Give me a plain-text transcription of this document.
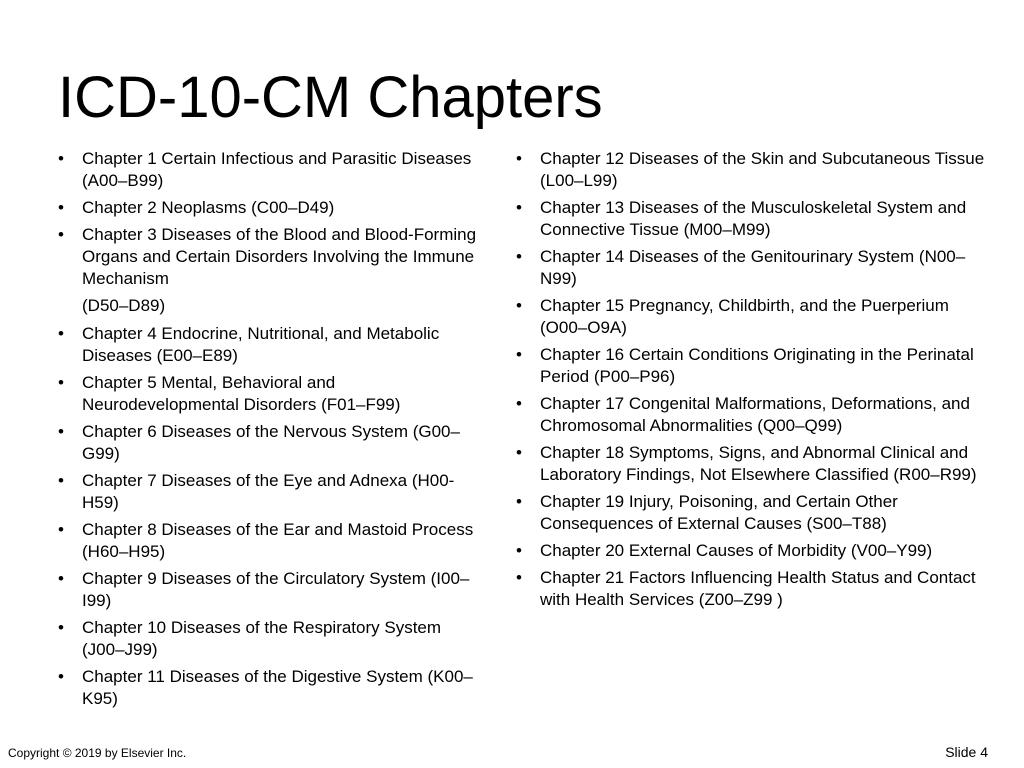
ICD-10-CM Chapters
• Chapter 1 Certain Infectious and Parasitic Diseases (A00–B99)
• Chapter 2 Neoplasms (C00–D49)
• Chapter 3 Diseases of the Blood and Blood-Forming Organs and Certain Disorders Involving the Immune Mechanism
(D50–D89)
• Chapter 4 Endocrine, Nutritional, and Metabolic Diseases (E00–E89)
• Chapter 5 Mental, Behavioral and Neurodevelopmental Disorders (F01–F99)
• Chapter 6 Diseases of the Nervous System (G00–G99)
• Chapter 7 Diseases of the Eye and Adnexa (H00-H59)
• Chapter 8 Diseases of the Ear and Mastoid Process (H60–H95)
• Chapter 9 Diseases of the Circulatory System (I00–I99)
• Chapter 10 Diseases of the Respiratory System (J00–J99)
• Chapter 11 Diseases of the Digestive System (K00–K95)
• Chapter 12 Diseases of the Skin and Subcutaneous Tissue (L00–L99)
• Chapter 13 Diseases of the Musculoskeletal System and Connective Tissue (M00–M99)
• Chapter 14 Diseases of the Genitourinary System (N00–N99)
• Chapter 15 Pregnancy, Childbirth, and the Puerperium (O00–O9A)
• Chapter 16 Certain Conditions Originating in the Perinatal Period (P00–P96)
• Chapter 17 Congenital Malformations, Deformations, and Chromosomal Abnormalities (Q00–Q99)
• Chapter 18 Symptoms, Signs, and Abnormal Clinical and Laboratory Findings, Not Elsewhere Classified (R00–R99)
• Chapter 19 Injury, Poisoning, and Certain Other Consequences of External Causes (S00–T88)
• Chapter 20 External Causes of Morbidity (V00–Y99)
• Chapter 21 Factors Influencing Health Status and Contact with Health Services (Z00–Z99 )
Copyright © 2019 by Elsevier Inc.	Slide 4
